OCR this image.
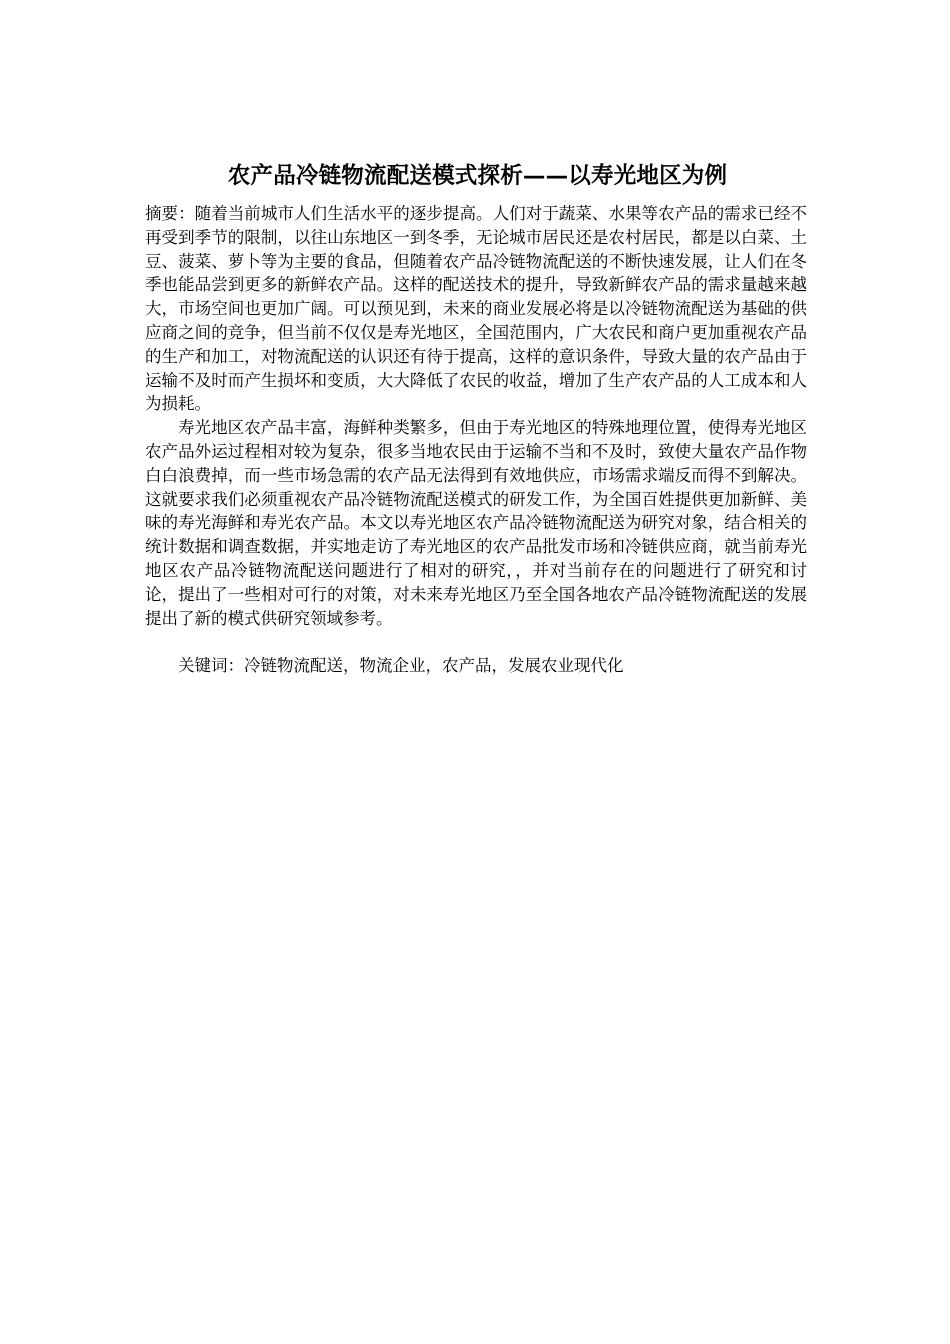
农产品冷链物流配送模式探析——以寿光地区为例

摘要：随着当前城市人们生活水平的逐步提高。人们对于蔬菜、水果等农产品的需求已经不再受到季节的限制，以往山东地区一到冬季，无论城市居民还是农村居民，都是以白菜、土豆、菠菜、萝卜等为主要的食品，但随着农产品冷链物流配送的不断快速发展，让人们在冬季也能品尝到更多的新鲜农产品。这样的配送技术的提升，导致新鲜农产品的需求量越来越大，市场空间也更加广阔。可以预见到，未来的商业发展必将是以冷链物流配送为基础的供应商之间的竞争，但当前不仅仅是寿光地区，全国范围内，广大农民和商户更加重视农产品的生产和加工，对物流配送的认识还有待于提高，这样的意识条件，导致大量的农产品由于运输不及时而产生损坏和变质，大大降低了农民的收益，增加了生产农产品的人工成本和人为损耗。

寿光地区农产品丰富，海鲜种类繁多，但由于寿光地区的特殊地理位置，使得寿光地区农产品外运过程相对较为复杂，很多当地农民由于运输不当和不及时，致使大量农产品作物白白浪费掉，而一些市场急需的农产品无法得到有效地供应，市场需求端反而得不到解决。这就要求我们必须重视农产品冷链物流配送模式的研发工作，为全国百姓提供更加新鲜、美味的寿光海鲜和寿光农产品。本文以寿光地区农产品冷链物流配送为研究对象，结合相关的统计数据和调查数据，并实地走访了寿光地区的农产品批发市场和冷链供应商，就当前寿光地区农产品冷链物流配送问题进行了相对的研究，，并对当前存在的问题进行了研究和讨论，提出了一些相对可行的对策，对未来寿光地区乃至全国各地农产品冷链物流配送的发展提出了新的模式供研究领域参考。

关键词：冷链物流配送，物流企业，农产品，发展农业现代化
